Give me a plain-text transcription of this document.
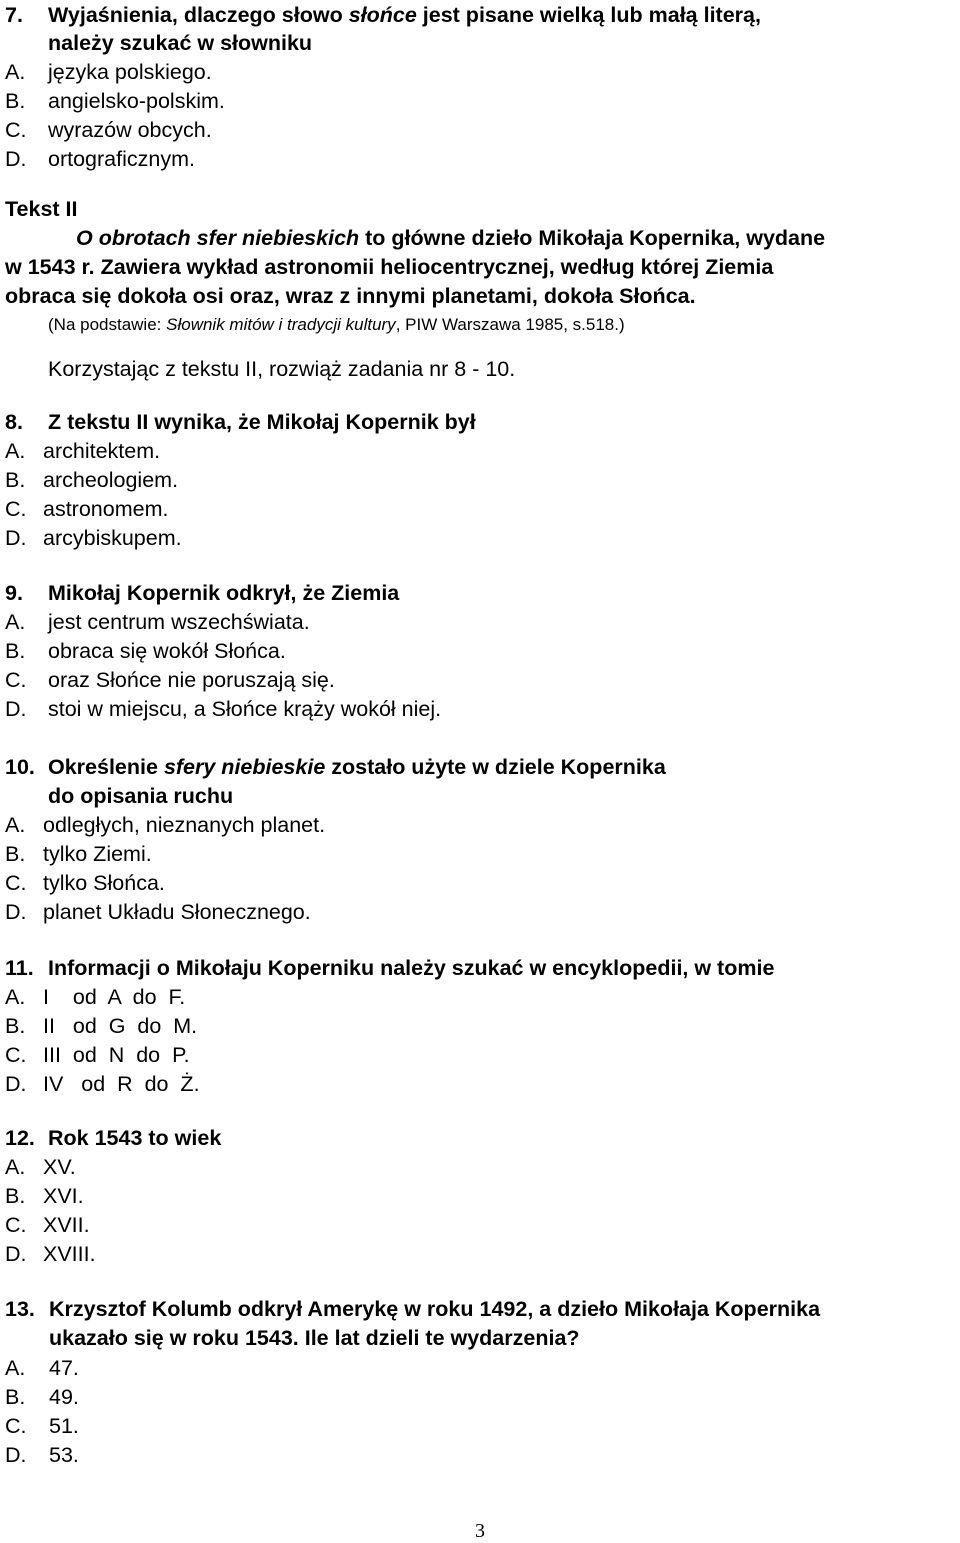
7. Wyjaśnienia, dlaczego słowo słońce jest pisane wielką lub małą literą,
należy szukać w słowniku
A. języka polskiego.
B. angielsko-polskim.
C. wyrazów obcych.
D. ortograficznym.
Tekst II
O obrotach sfer niebieskich to główne dzieło Mikołaja Kopernika, wydane
w 1543 r. Zawiera wykład astronomii heliocentrycznej, według której Ziemia
obraca się dokoła osi oraz, wraz z innymi planetami, dokoła Słońca.
(Na podstawie: Słownik mitów i tradycji kultury, PIW Warszawa 1985, s.518.)
Korzystając z tekstu II, rozwiąż zadania nr 8 - 10.
8. Z tekstu II wynika, że Mikołaj Kopernik był
A. architektem.
B. archeologiem.
C. astronomem.
D. arcybiskupem.
9. Mikołaj Kopernik odkrył, że Ziemia
A. jest centrum wszechświata.
B. obraca się wokół Słońca.
C. oraz Słońce nie poruszają się.
D. stoi w miejscu, a Słońce krąży wokół niej.
10. Określenie sfery niebieskie zostało użyte w dziele Kopernika
do opisania ruchu
A. odległych, nieznanych planet.
B. tylko Ziemi.
C. tylko Słońca.
D. planet Układu Słonecznego.
11. Informacji o Mikołaju Koperniku należy szukać w encyklopedii, w tomie
A. I    od  A  do  F.
B. II   od  G  do  M.
C. III  od  N  do  P.
D. IV   od  R  do  Ż.
12. Rok 1543 to wiek
A. XV.
B. XVI.
C. XVII.
D. XVIII.
13. Krzysztof Kolumb odkrył Amerykę w roku 1492, a dzieło Mikołaja Kopernika
ukazało się w roku 1543. Ile lat dzieli te wydarzenia?
A. 47.
B. 49.
C. 51.
D. 53.
3
